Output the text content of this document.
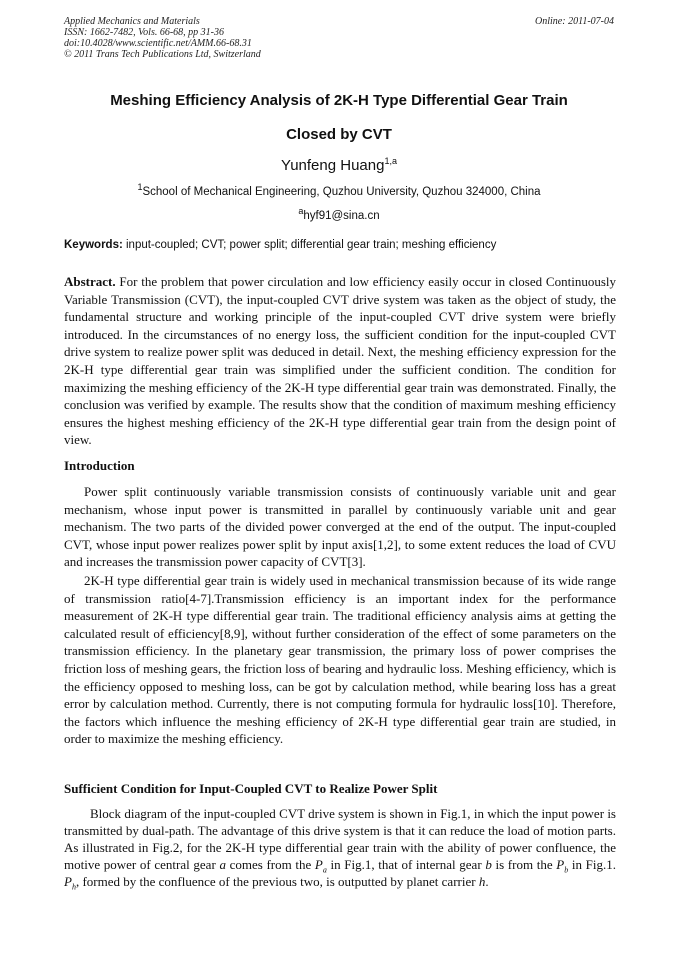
Applied Mechanics and Materials
ISSN: 1662-7482, Vols. 66-68, pp 31-36
doi:10.4028/www.scientific.net/AMM.66-68.31
© 2011 Trans Tech Publications Ltd, Switzerland
Online: 2011-07-04
Meshing Efficiency Analysis of 2K-H Type Differential Gear Train
Closed by CVT
Yunfeng Huang$^{1,a}$
$^1$School of Mechanical Engineering, Quzhou University, Quzhou 324000, China
$^a$hyf91@sina.cn
Keywords: input-coupled; CVT; power split; differential gear train; meshing efficiency
Abstract. For the problem that power circulation and low efficiency easily occur in closed Continuously Variable Transmission (CVT), the input-coupled CVT drive system was taken as the object of study, the fundamental structure and working principle of the input-coupled CVT drive system were briefly introduced. In the circumstances of no energy loss, the sufficient condition for the input-coupled CVT drive system to realize power split was deduced in detail. Next, the meshing efficiency expression for the 2K-H type differential gear train was simplified under the sufficient condition. The condition for maximizing the meshing efficiency of the 2K-H type differential gear train was demonstrated. Finally, the conclusion was verified by example. The results show that the condition of maximum meshing efficiency ensures the highest meshing efficiency of the 2K-H type differential gear train from the design point of view.
Introduction
Power split continuously variable transmission consists of continuously variable unit and gear mechanism, whose input power is transmitted in parallel by continuously variable unit and gear mechanism. The two parts of the divided power converged at the end of the output. The input-coupled CVT, whose input power realizes power split by input axis[1,2], to some extent reduces the load of CVU and increases the transmission power capacity of CVT[3].
2K-H type differential gear train is widely used in mechanical transmission because of its wide range of transmission ratio[4-7].Transmission efficiency is an important index for the performance measurement of 2K-H type differential gear train. The traditional efficiency analysis aims at getting the calculated result of efficiency[8,9], without further consideration of the effect of some parameters on the transmission efficiency. In the planetary gear transmission, the primary loss of power comprises the friction loss of meshing gears, the friction loss of bearing and hydraulic loss. Meshing efficiency, which is the efficiency opposed to meshing loss, can be got by calculation method, while bearing loss has a great error by calculation method. Currently, there is not computing formula for hydraulic loss[10]. Therefore, the factors which influence the meshing efficiency of 2K-H type differential gear train are studied, in order to maximize the meshing efficiency.
Sufficient Condition for Input-Coupled CVT to Realize Power Split
Block diagram of the input-coupled CVT drive system is shown in Fig.1, in which the input power is transmitted by dual-path. The advantage of this drive system is that it can reduce the load of motion parts. As illustrated in Fig.2, for the 2K-H type differential gear train with the ability of power confluence, the motive power of central gear a comes from the $P_a$ in Fig.1, that of internal gear b is from the $P_b$ in Fig.1. $P_h$, formed by the confluence of the previous two, is outputted by planet carrier h.
